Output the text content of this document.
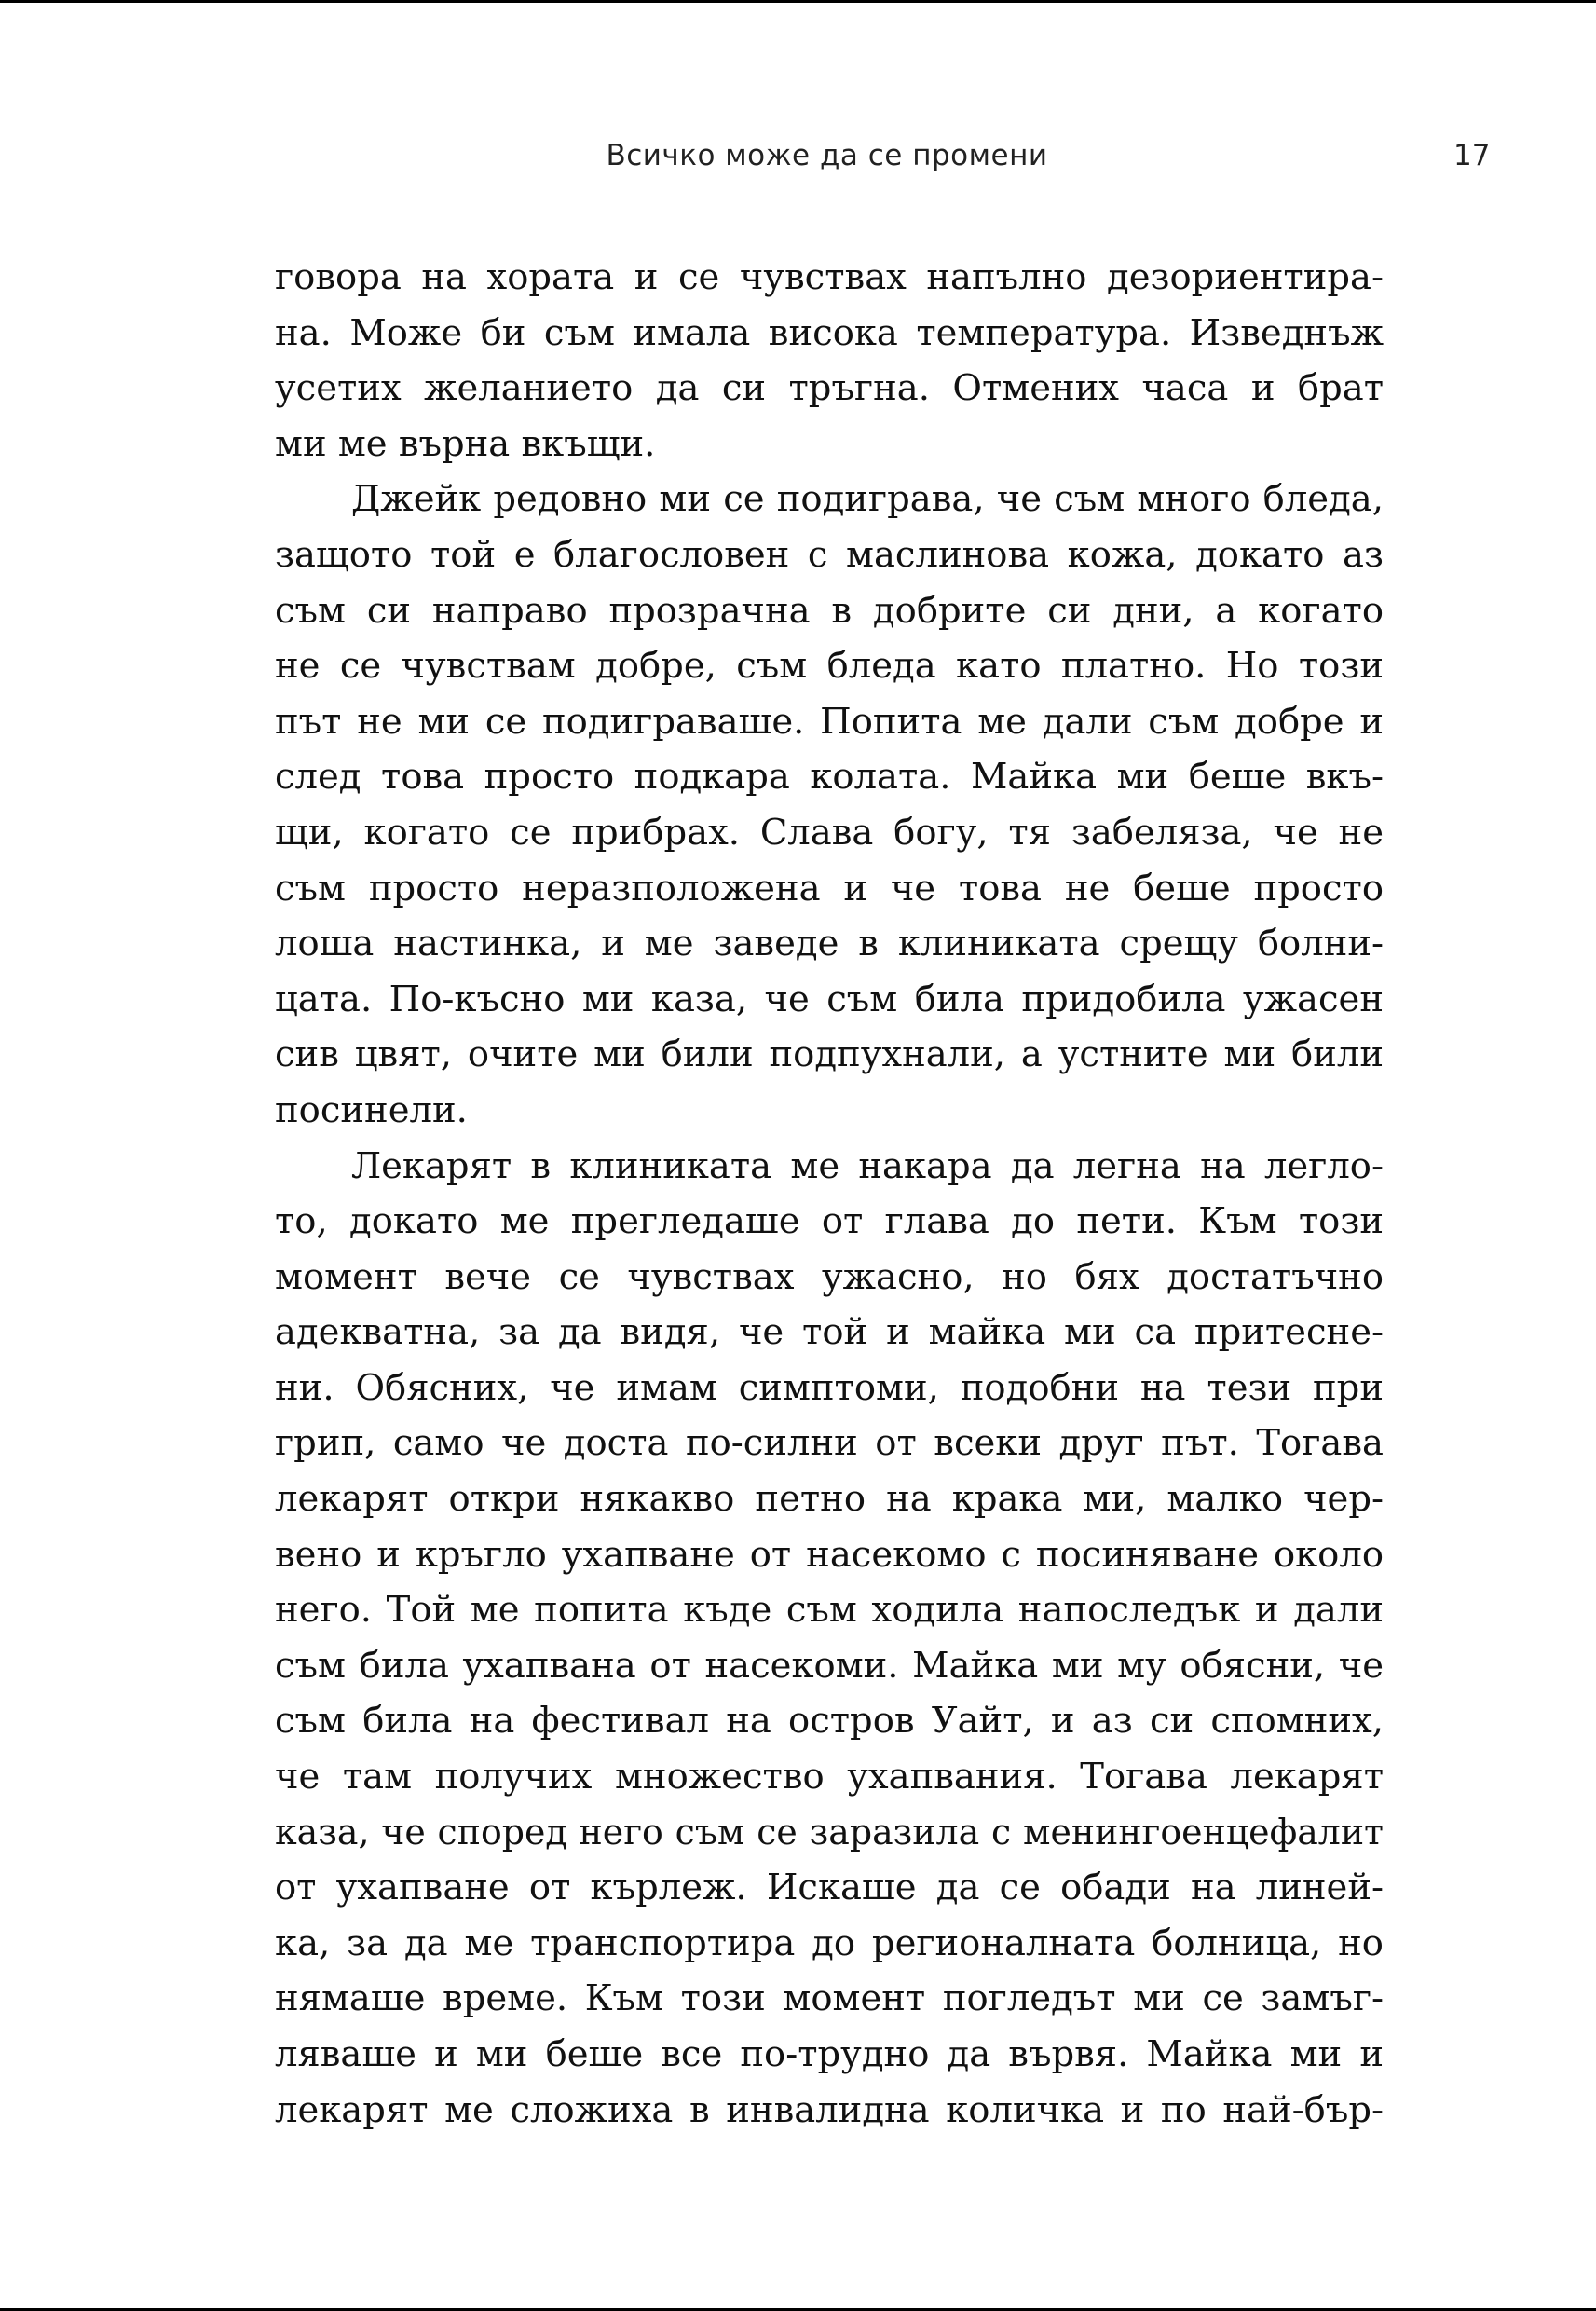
Всичко може да се промени	17
говора на хората и се чувствах напълно дезориентира-
на. Може би съм имала висока температура. Изведнъж
усетих желанието да си тръгна. Отмених часа и брат
ми ме върна вкъщи.
Джейк редовно ми се подиграва, че съм много бледа,
защото той е благословен с маслинова кожа, докато аз
съм си направо прозрачна в добрите си дни, а когато
не се чувствам добре, съм бледа като платно. Но този
път не ми се подиграваше. Попита ме дали съм добре и
след това просто подкара колата. Майка ми беше вкъ-
щи, когато се прибрах. Слава богу, тя забеляза, че не
съм просто неразположена и че това не беше просто
лоша настинка, и ме заведе в клиниката срещу болни-
цата. По-късно ми каза, че съм била придобила ужасен
сив цвят, очите ми били подпухнали, а устните ми били
посинели.
Лекарят в клиниката ме накара да легна на легло-
то, докато ме прегледаше от глава до пети. Към този
момент вече се чувствах ужасно, но бях достатъчно
адекватна, за да видя, че той и майка ми са притесне-
ни. Обясних, че имам симптоми, подобни на тези при
грип, само че доста по-силни от всеки друг път. Тогава
лекарят откри някакво петно на крака ми, малко чер-
вено и кръгло ухапване от насекомо с посиняване около
него. Той ме попита къде съм ходила напоследък и дали
съм била ухапвана от насекоми. Майка ми му обясни, че
съм била на фестивал на остров Уайт, и аз си спомних,
че там получих множество ухапвания. Тогава лекарят
каза, че според него съм се заразила с менингоенцефалит
от ухапване от кърлеж. Искаше да се обади на линей-
ка, за да ме транспортира до регионалната болница, но
нямаше време. Към този момент погледът ми се замъг-
ляваше и ми беше все по-трудно да вървя. Майка ми и
лекарят ме сложиха в инвалидна количка и по най-бър-
